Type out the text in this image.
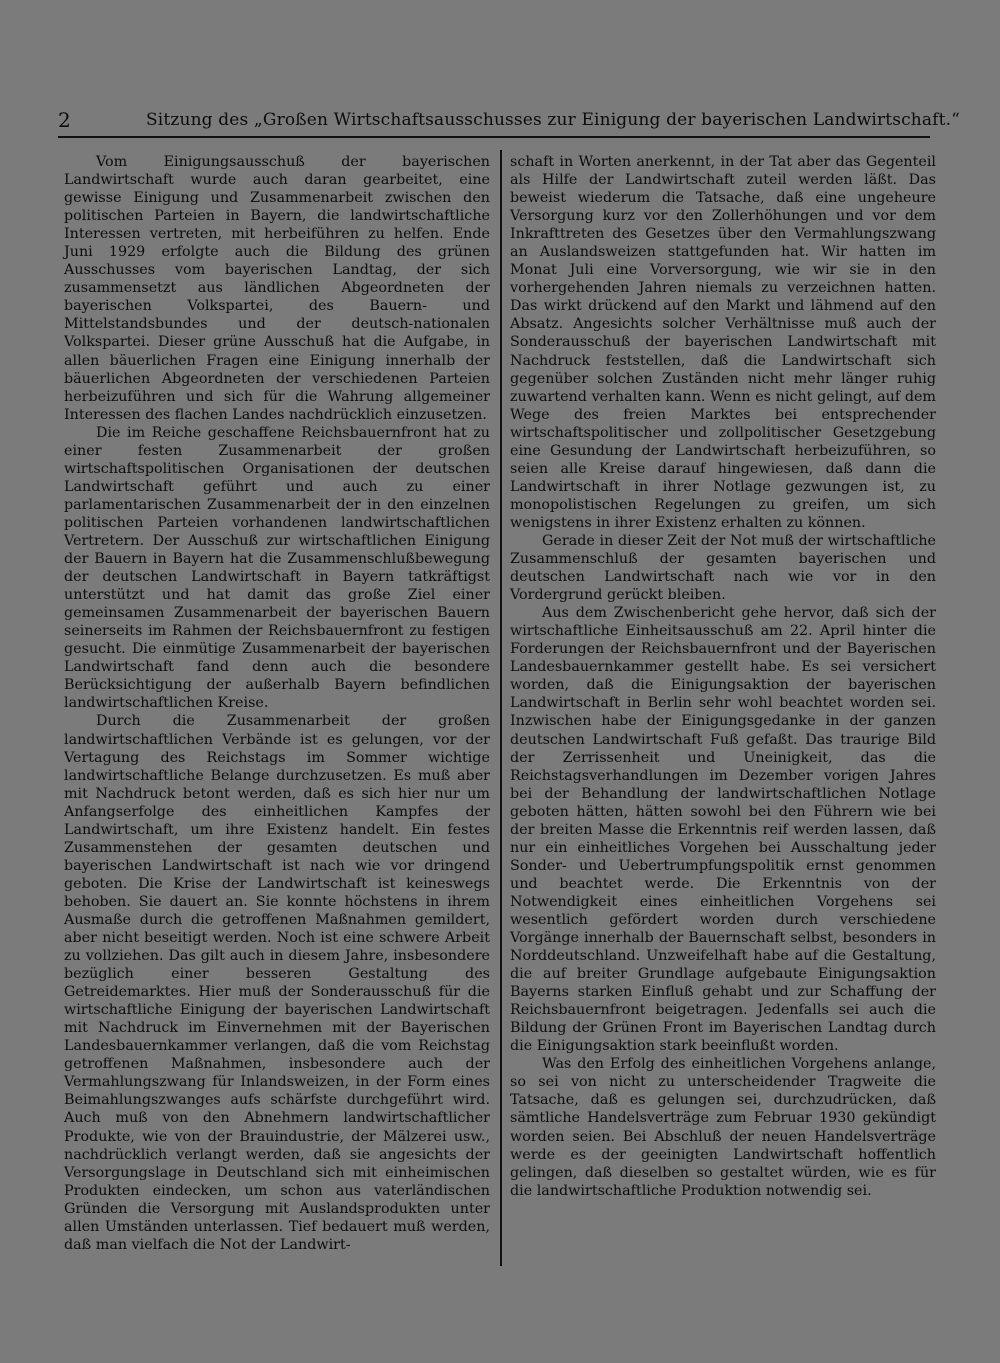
2	Sitzung des „Großen Wirtschaftsausschusses zur Einigung der bayerischen Landwirtschaft.“

Vom Einigungsausschuß der bayerischen Landwirtschaft wurde auch daran gearbeitet, eine gewisse Einigung und Zusammenarbeit zwischen den politischen Parteien in Bayern, die landwirtschaftliche Interessen vertreten, mit herbeiführen zu helfen. Ende Juni 1929 erfolgte auch die Bildung des grünen Ausschusses vom bayerischen Landtag, der sich zusammensetzt aus ländlichen Abgeordneten der bayerischen Volkspartei, des Bauern- und Mittelstandsbundes und der deutsch-nationalen Volkspartei. Dieser grüne Ausschuß hat die Aufgabe, in allen bäuerlichen Fragen eine Einigung innerhalb der bäuerlichen Abgeordneten der verschiedenen Parteien herbeizuführen und sich für die Wahrung allgemeiner Interessen des flachen Landes nachdrücklich einzusetzen.

Die im Reiche geschaffene Reichsbauernfront hat zu einer festen Zusammenarbeit der großen wirtschaftspolitischen Organisationen der deutschen Landwirtschaft geführt und auch zu einer parlamentarischen Zusammenarbeit der in den einzelnen politischen Parteien vorhandenen landwirtschaftlichen Vertretern. Der Ausschuß zur wirtschaftlichen Einigung der Bauern in Bayern hat die Zusammenschlußbewegung der deutschen Landwirtschaft in Bayern tatkräftigst unterstützt und hat damit das große Ziel einer gemeinsamen Zusammenarbeit der bayerischen Bauern seinerseits im Rahmen der Reichsbauernfront zu festigen gesucht. Die einmütige Zusammenarbeit der bayerischen Landwirtschaft fand denn auch die besondere Berücksichtigung der außerhalb Bayern befindlichen landwirtschaftlichen Kreise.

Durch die Zusammenarbeit der großen landwirtschaftlichen Verbände ist es gelungen, vor der Vertagung des Reichstags im Sommer wichtige landwirtschaftliche Belange durchzusetzen. Es muß aber mit Nachdruck betont werden, daß es sich hier nur um Anfangserfolge des einheitlichen Kampfes der Landwirtschaft, um ihre Existenz handelt. Ein festes Zusammenstehen der gesamten deutschen und bayerischen Landwirtschaft ist nach wie vor dringend geboten. Die Krise der Landwirtschaft ist keineswegs behoben. Sie dauert an. Sie konnte höchstens in ihrem Ausmaße durch die getroffenen Maßnahmen gemildert, aber nicht beseitigt werden. Noch ist eine schwere Arbeit zu vollziehen. Das gilt auch in diesem Jahre, insbesondere bezüglich einer besseren Gestaltung des Getreidemarktes. Hier muß der Sonderausschuß für die wirtschaftliche Einigung der bayerischen Landwirtschaft mit Nachdruck im Einvernehmen mit der Bayerischen Landesbauernkammer verlangen, daß die vom Reichstag getroffenen Maßnahmen, insbesondere auch der Vermahlungszwang für Inlandsweizen, in der Form eines Beimahlungszwanges aufs schärfste durchgeführt wird. Auch muß von den Abnehmern landwirtschaftlicher Produkte, wie von der Brauindustrie, der Mälzerei usw., nachdrücklich verlangt werden, daß sie angesichts der Versorgungslage in Deutschland sich mit einheimischen Produkten eindecken, um schon aus vaterländischen Gründen die Versorgung mit Auslandsprodukten unter allen Umständen unterlassen. Tief bedauert muß werden, daß man vielfach die Not der Landwirt-

schaft in Worten anerkennt, in der Tat aber das Gegenteil als Hilfe der Landwirtschaft zuteil werden läßt. Das beweist wiederum die Tatsache, daß eine ungeheure Versorgung kurz vor den Zollerhöhungen und vor dem Inkrafttreten des Gesetzes über den Vermahlungszwang an Auslandsweizen stattgefunden hat. Wir hatten im Monat Juli eine Vorversorgung, wie wir sie in den vorhergehenden Jahren niemals zu verzeichnen hatten. Das wirkt drückend auf den Markt und lähmend auf den Absatz. Angesichts solcher Verhältnisse muß auch der Sonderausschuß der bayerischen Landwirtschaft mit Nachdruck feststellen, daß die Landwirtschaft sich gegenüber solchen Zuständen nicht mehr länger ruhig zuwartend verhalten kann. Wenn es nicht gelingt, auf dem Wege des freien Marktes bei entsprechender wirtschaftspolitischer und zollpolitischer Gesetzgebung eine Gesundung der Landwirtschaft herbeizuführen, so seien alle Kreise darauf hingewiesen, daß dann die Landwirtschaft in ihrer Notlage gezwungen ist, zu monopolistischen Regelungen zu greifen, um sich wenigstens in ihrer Existenz erhalten zu können.

Gerade in dieser Zeit der Not muß der wirtschaftliche Zusammenschluß der gesamten bayerischen und deutschen Landwirtschaft nach wie vor in den Vordergrund gerückt bleiben.

Aus dem Zwischenbericht gehe hervor, daß sich der wirtschaftliche Einheitsausschuß am 22. April hinter die Forderungen der Reichsbauernfront und der Bayerischen Landesbauernkammer gestellt habe. Es sei versichert worden, daß die Einigungsaktion der bayerischen Landwirtschaft in Berlin sehr wohl beachtet worden sei. Inzwischen habe der Einigungsgedanke in der ganzen deutschen Landwirtschaft Fuß gefaßt. Das traurige Bild der Zerrissenheit und Uneinigkeit, das die Reichstagsverhandlungen im Dezember vorigen Jahres bei der Behandlung der landwirtschaftlichen Notlage geboten hätten, hätten sowohl bei den Führern wie bei der breiten Masse die Erkenntnis reif werden lassen, daß nur ein einheitliches Vorgehen bei Ausschaltung jeder Sonder- und Uebertrumpfungspolitik ernst genommen und beachtet werde. Die Erkenntnis von der Notwendigkeit eines einheitlichen Vorgehens sei wesentlich gefördert worden durch verschiedene Vorgänge innerhalb der Bauernschaft selbst, besonders in Norddeutschland. Unzweifelhaft habe auf die Gestaltung, die auf breiter Grundlage aufgebaute Einigungsaktion Bayerns starken Einfluß gehabt und zur Schaffung der Reichsbauernfront beigetragen. Jedenfalls sei auch die Bildung der Grünen Front im Bayerischen Landtag durch die Einigungsaktion stark beeinflußt worden.

Was den Erfolg des einheitlichen Vorgehens anlange, so sei von nicht zu unterscheidender Tragweite die Tatsache, daß es gelungen sei, durchzudrücken, daß sämtliche Handelsverträge zum Februar 1930 gekündigt worden seien. Bei Abschluß der neuen Handelsverträge werde es der geeinigten Landwirtschaft hoffentlich gelingen, daß dieselben so gestaltet würden, wie es für die landwirtschaftliche Produktion notwendig sei.
